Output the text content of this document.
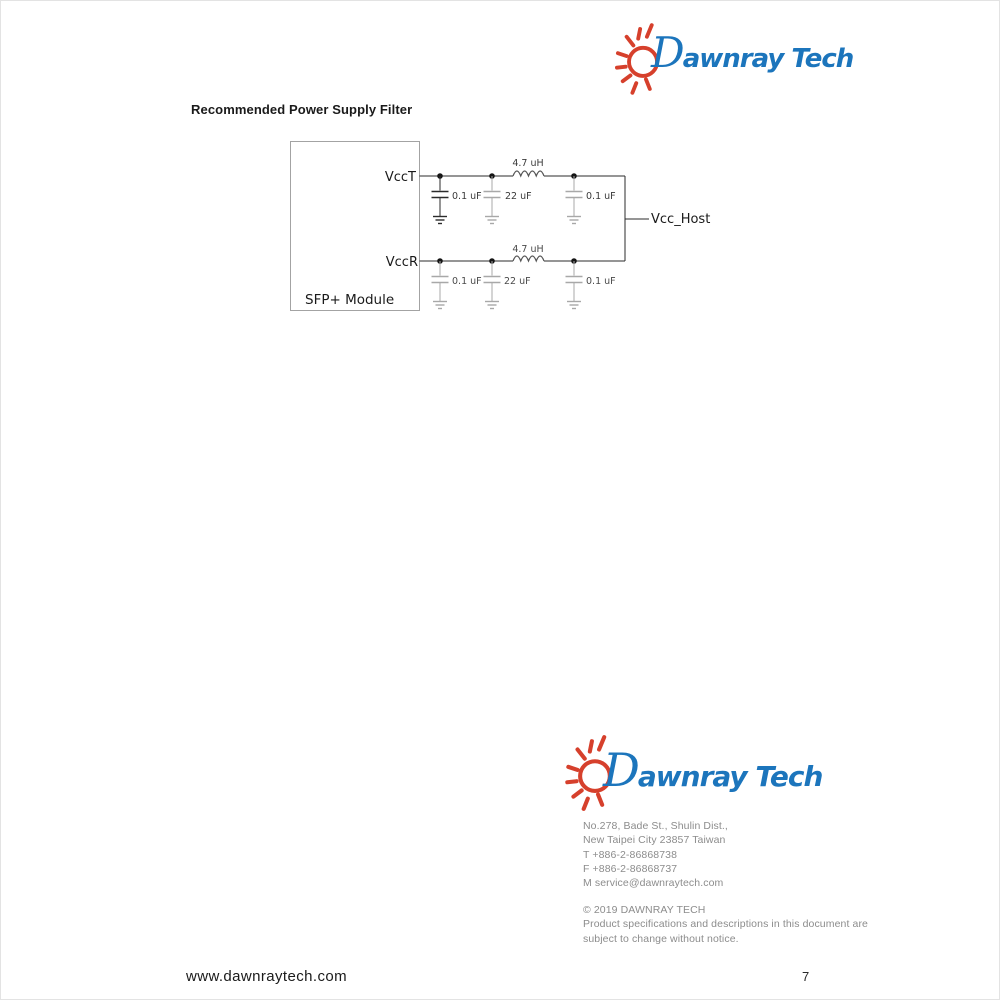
Dawnray Tech
Recommended Power Supply Filter
VccT
VccR
SFP+ Module
4.7 uH
4.7 uH
0.1 uF 22 uF	0.1 uF
0.1 uF 22 uF	0.1 uF
Vcc_Host
Dawnray Tech
No.278, Bade St., Shulin Dist.,
New Taipei City 23857 Taiwan
T +886-2-86868738
F +886-2-86868737
M service@dawnraytech.com
© 2019 DAWNRAY TECH
Product specifications and descriptions in this document are
subject to change without notice.
www.dawnraytech.com	7
